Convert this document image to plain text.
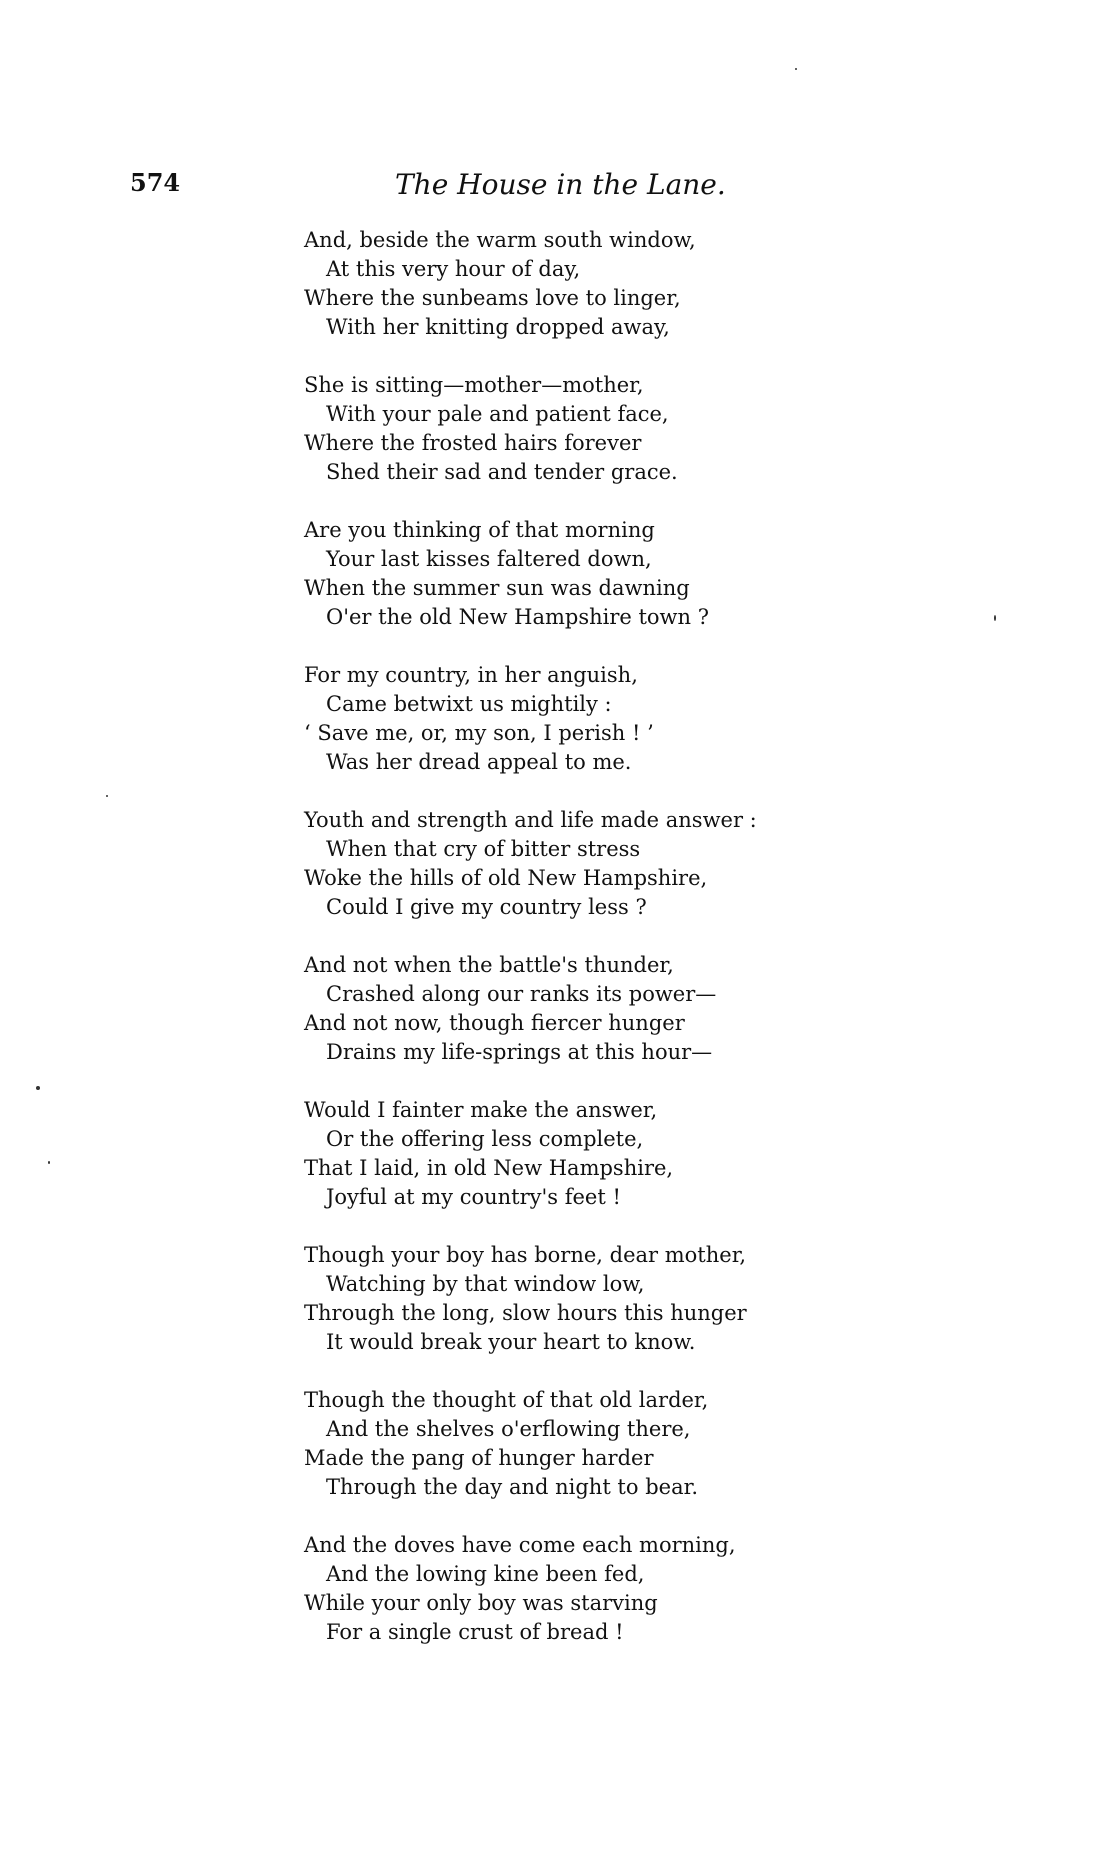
574	The House in the Lane.
And, beside the warm south window,
At this very hour of day,
Where the sunbeams love to linger,
With her knitting dropped away,
She is sitting—mother—mother,
With your pale and patient face,
Where the frosted hairs forever
Shed their sad and tender grace.
Are you thinking of that morning
Your last kisses faltered down,
When the summer sun was dawning
O'er the old New Hampshire town ?
For my country, in her anguish,
Came betwixt us mightily :
‘ Save me, or, my son, I perish ! ’
Was her dread appeal to me.
Youth and strength and life made answer :
When that cry of bitter stress
Woke the hills of old New Hampshire,
Could I give my country less ?
And not when the battle's thunder,
Crashed along our ranks its power—
And not now, though fiercer hunger
Drains my life-springs at this hour—
Would I fainter make the answer,
Or the offering less complete,
That I laid, in old New Hampshire,
Joyful at my country's feet !
Though your boy has borne, dear mother,
Watching by that window low,
Through the long, slow hours this hunger
It would break your heart to know.
Though the thought of that old larder,
And the shelves o'erflowing there,
Made the pang of hunger harder
Through the day and night to bear.
And the doves have come each morning,
And the lowing kine been fed,
While your only boy was starving
For a single crust of bread !
